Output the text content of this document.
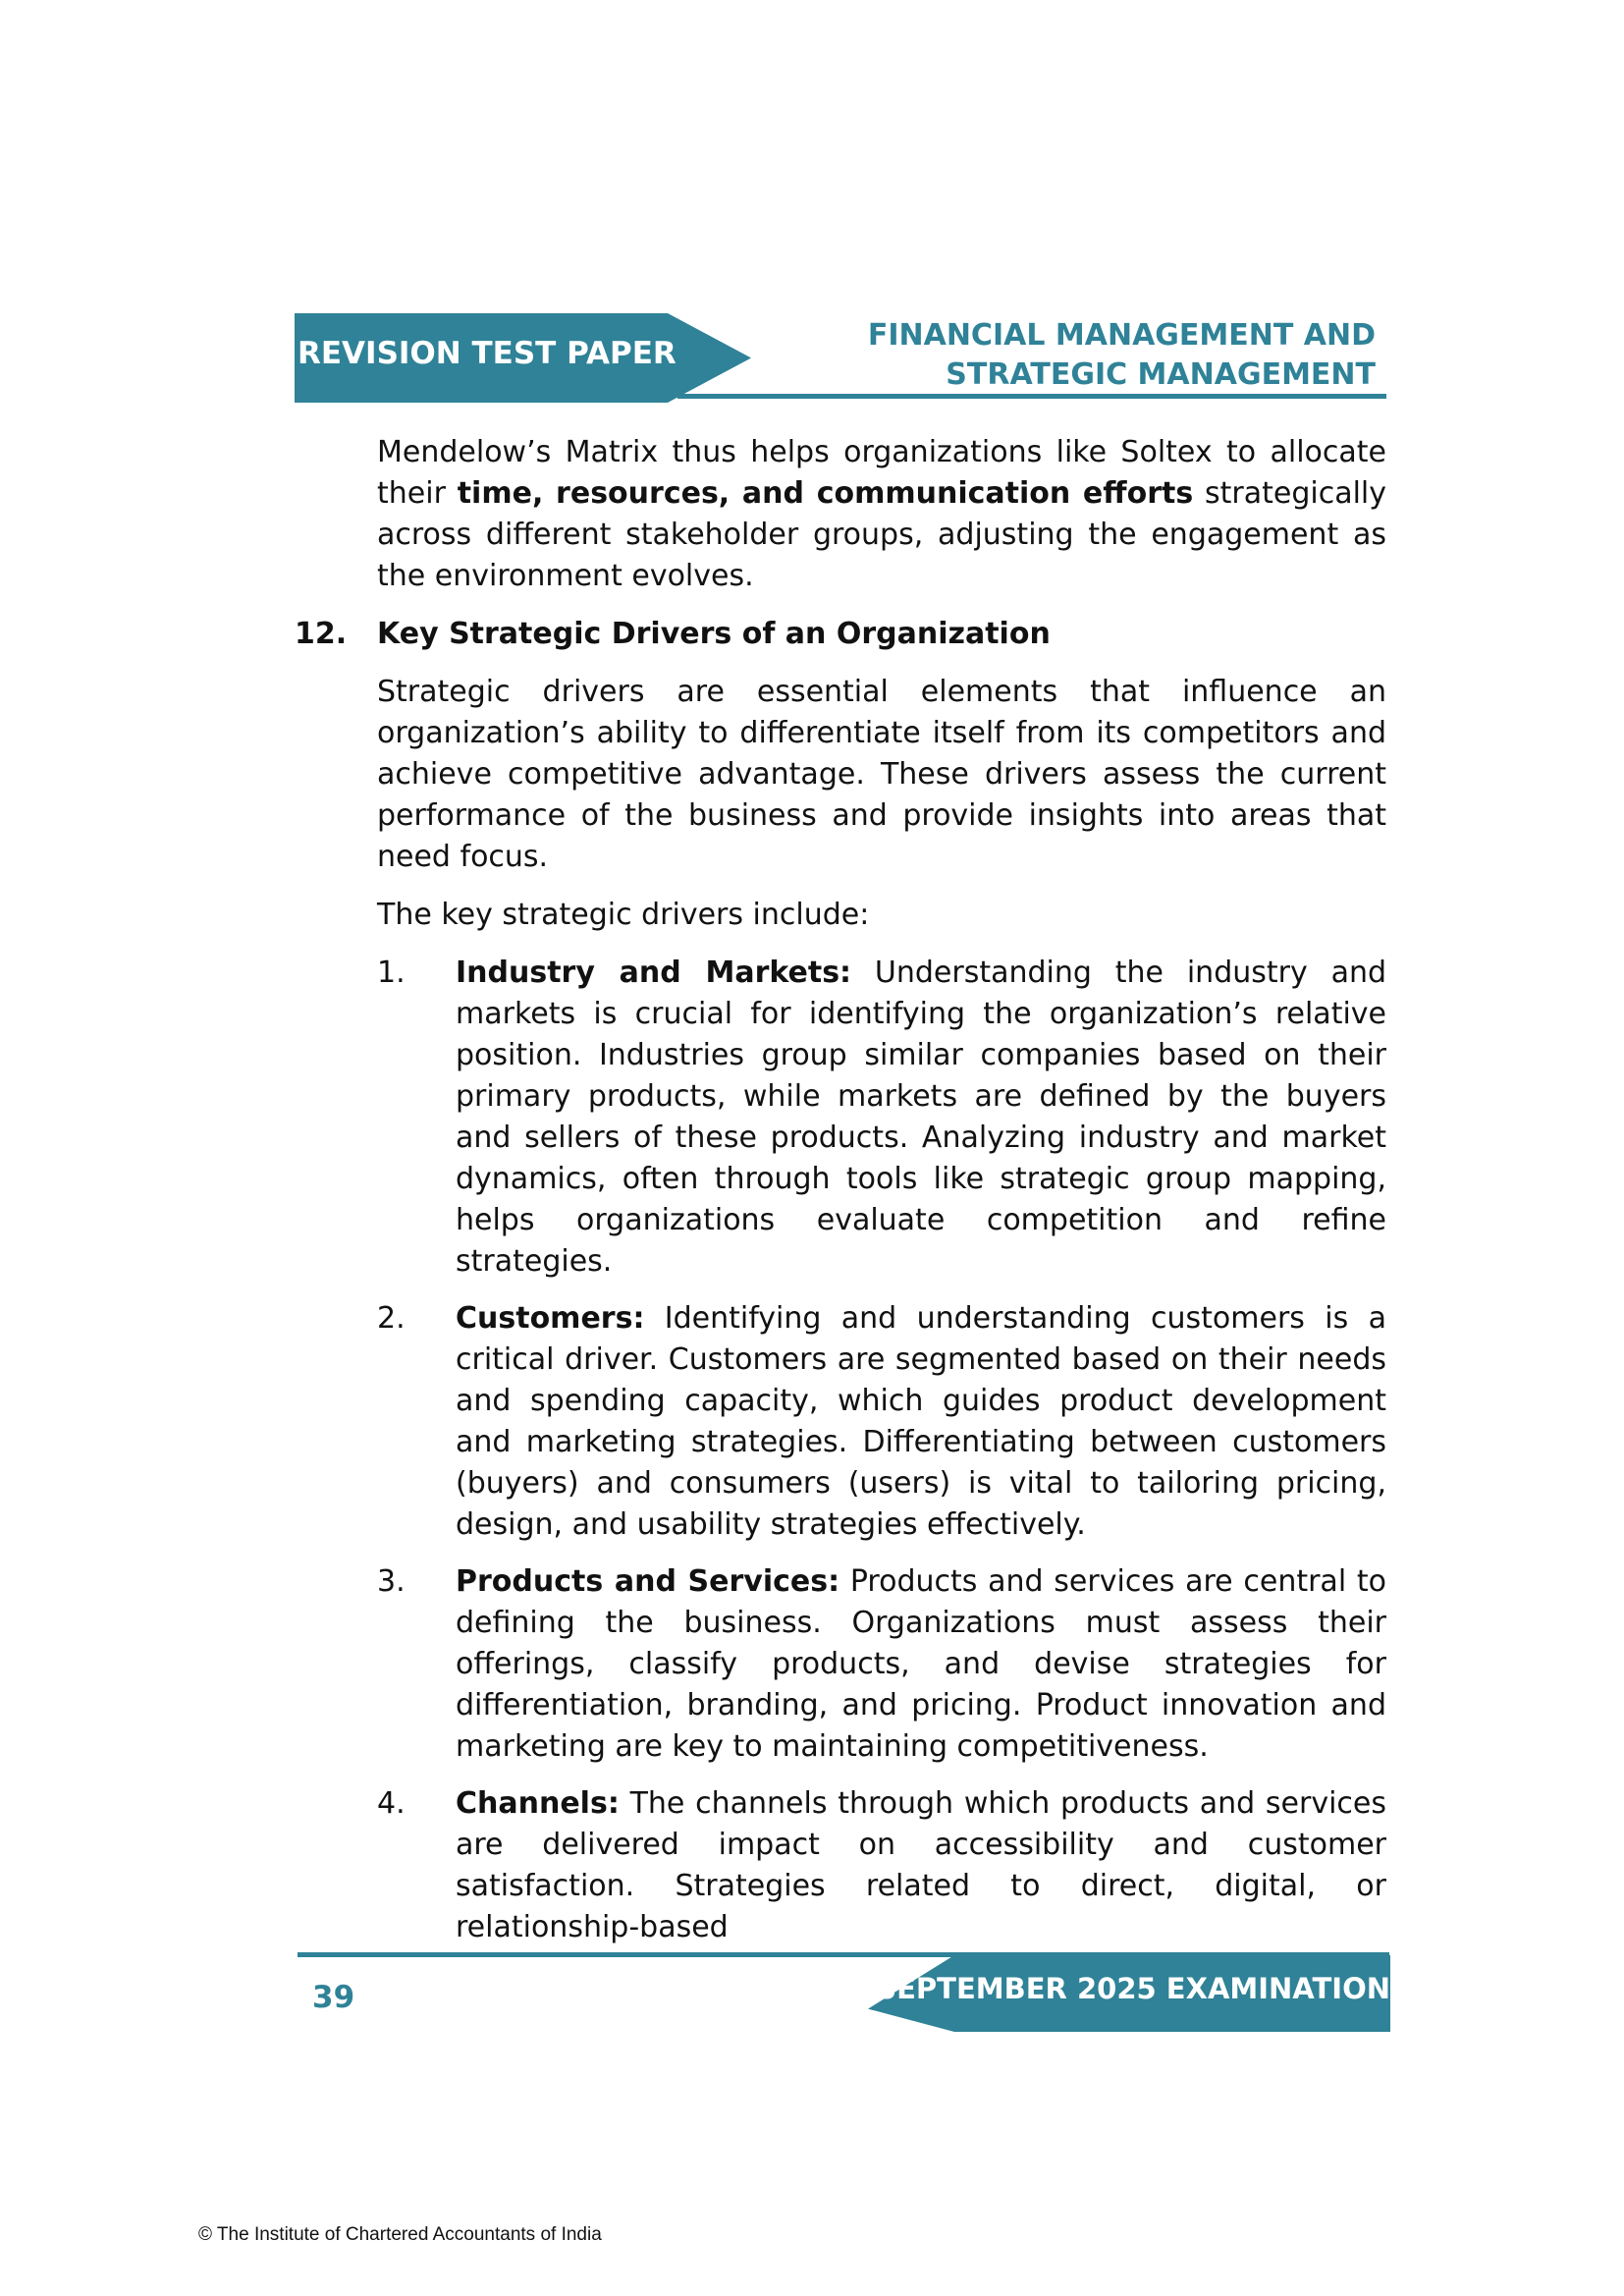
REVISION TEST PAPER
FINANCIAL MANAGEMENT AND
STRATEGIC MANAGEMENT

Mendelow’s Matrix thus helps organizations like Soltex to allocate their time, resources, and communication efforts strategically across different stakeholder groups, adjusting the engagement as the environment evolves.

12.	Key Strategic Drivers of an Organization

Strategic drivers are essential elements that influence an organization’s ability to differentiate itself from its competitors and achieve competitive advantage. These drivers assess the current performance of the business and provide insights into areas that need focus.

The key strategic drivers include:

1.	Industry and Markets: Understanding the industry and markets is crucial for identifying the organization’s relative position. Industries group similar companies based on their primary products, while markets are defined by the buyers and sellers of these products. Analyzing industry and market dynamics, often through tools like strategic group mapping, helps organizations evaluate competition and refine strategies.
2.	Customers: Identifying and understanding customers is a critical driver. Customers are segmented based on their needs and spending capacity, which guides product development and marketing strategies. Differentiating between customers (buyers) and consumers (users) is vital to tailoring pricing, design, and usability strategies effectively.
3.	Products and Services: Products and services are central to defining the business. Organizations must assess their offerings, classify products, and devise strategies for differentiation, branding, and pricing. Product innovation and marketing are key to maintaining competitiveness.
4.	Channels: The channels through which products and services are delivered impact on accessibility and customer satisfaction. Strategies related to direct, digital, or relationship-based
39	SEPTEMBER 2025 EXAMINATION
© The Institute of Chartered Accountants of India
